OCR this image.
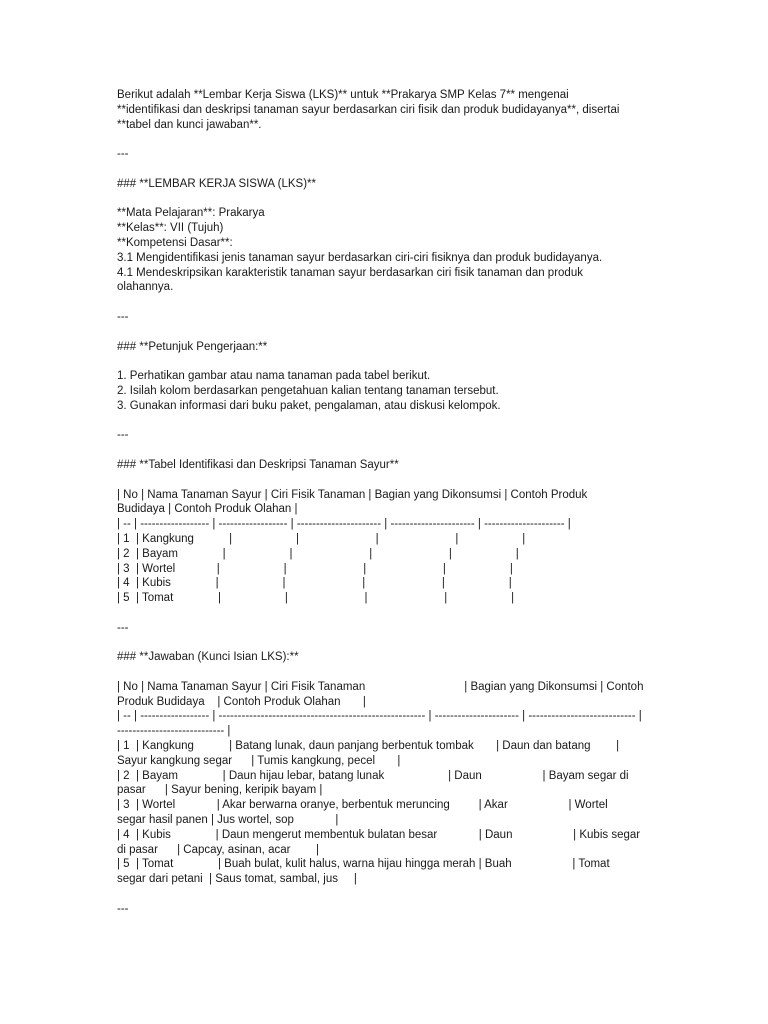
Berikut adalah **Lembar Kerja Siswa (LKS)** untuk **Prakarya SMP Kelas 7** mengenai
**identifikasi dan deskripsi tanaman sayur berdasarkan ciri fisik dan produk budidayanya**, disertai
**tabel dan kunci jawaban**.
---
### **LEMBAR KERJA SISWA (LKS)**
**Mata Pelajaran**: Prakarya
**Kelas**: VII (Tujuh)
**Kompetensi Dasar**:
3.1 Mengidentifikasi jenis tanaman sayur berdasarkan ciri-ciri fisiknya dan produk budidayanya.
4.1 Mendeskripsikan karakteristik tanaman sayur berdasarkan ciri fisik tanaman dan produk
olahannya.
---
### **Petunjuk Pengerjaan:**
1. Perhatikan gambar atau nama tanaman pada tabel berikut.
2. Isilah kolom berdasarkan pengetahuan kalian tentang tanaman tersebut.
3. Gunakan informasi dari buku paket, pengalaman, atau diskusi kelompok.
---
### **Tabel Identifikasi dan Deskripsi Tanaman Sayur**
| No | Nama Tanaman Sayur | Ciri Fisik Tanaman | Bagian yang Dikonsumsi | Contoh Produk
Budidaya | Contoh Produk Olahan |
| -- | ------------------ | ------------------ | ---------------------- | ---------------------- | --------------------- |
| 1  | Kangkung           |                    |                        |                        |                    |
| 2  | Bayam              |                    |                        |                        |                    |
| 3  | Wortel             |                    |                        |                        |                    |
| 4  | Kubis              |                    |                        |                        |                    |
| 5  | Tomat              |                    |                        |                        |                    |
---
### **Jawaban (Kunci Isian LKS):**
| No | Nama Tanaman Sayur | Ciri Fisik Tanaman                               | Bagian yang Dikonsumsi | Contoh
Produk Budidaya    | Contoh Produk Olahan       |
| -- | ------------------ | ------------------------------------------------------ | ---------------------- | ---------------------------- |
---------------------------- |
| 1  | Kangkung           | Batang lunak, daun panjang berbentuk tombak       | Daun dan batang        |
Sayur kangkung segar      | Tumis kangkung, pecel       |
| 2  | Bayam              | Daun hijau lebar, batang lunak                    | Daun                   | Bayam segar di
pasar      | Sayur bening, keripik bayam |
| 3  | Wortel             | Akar berwarna oranye, berbentuk meruncing         | Akar                   | Wortel
segar hasil panen | Jus wortel, sop             |
| 4  | Kubis              | Daun mengerut membentuk bulatan besar             | Daun                   | Kubis segar
di pasar      | Capcay, asinan, acar        |
| 5  | Tomat              | Buah bulat, kulit halus, warna hijau hingga merah | Buah                   | Tomat
segar dari petani  | Saus tomat, sambal, jus     |
---
